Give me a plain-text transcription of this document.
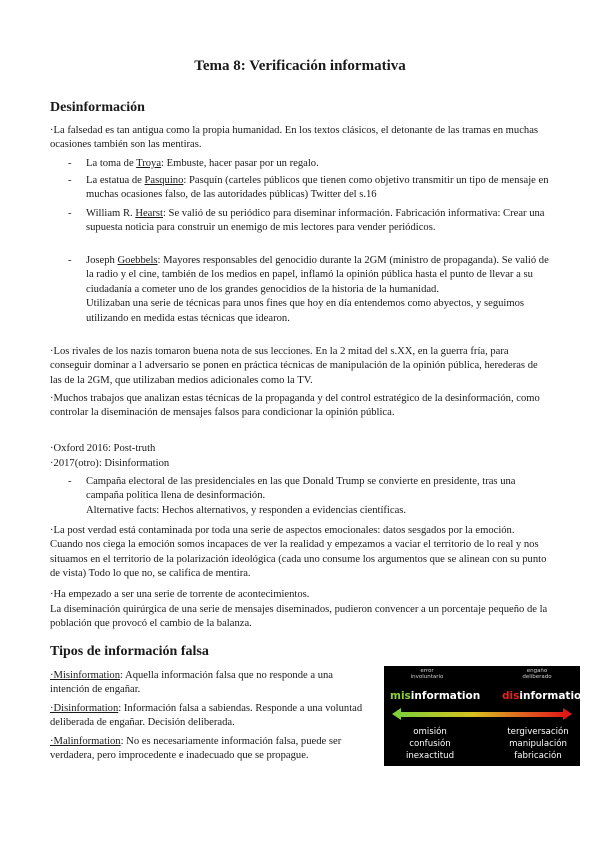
Tema 8: Verificación informativa
Desinformación
·La falsedad es tan antigua como la propia humanidad. En los textos clásicos, el detonante de las tramas en muchas ocasiones también son las mentiras.
- La toma de Troya: Embuste, hacer pasar por un regalo.
- La estatua de Pasquino: Pasquín (carteles públicos que tienen como objetivo transmitir un tipo de mensaje en muchas ocasiones falso, de las autoridades públicas) Twitter del s.16
- William R. Hearst: Se valió de su periódico para diseminar información. Fabricación informativa: Crear una supuesta noticia para construir un enemigo de mis lectores para vender periódicos.
- Joseph Goebbels: Mayores responsables del genocidio durante la 2GM (ministro de propaganda). Se valió de la radio y el cine, también de los medios en papel, inflamó la opinión pública hasta el punto de llevar a su ciudadanía a cometer uno de los grandes genocidios de la historia de la humanidad.
Utilizaban una serie de técnicas para unos fines que hoy en día entendemos como abyectos, y seguimos utilizando en medida estas técnicas que idearon.
·Los rivales de los nazis tomaron buena nota de sus lecciones. En la 2 mitad del s.XX, en la guerra fría, para conseguir dominar a l adversario se ponen en práctica técnicas de manipulación de la opinión pública, herederas de las de la 2GM, que utilizaban medios adicionales como la TV.
·Muchos trabajos que analizan estas técnicas de la propaganda y del control estratégico de la desinformación, como controlar la diseminación de mensajes falsos para condicionar la opinión pública.
·Oxford 2016: Post-truth
·2017(otro): Disinformation
- Campaña electoral de las presidenciales en las que Donald Trump se convierte en presidente, tras una campaña política llena de desinformación.
Alternative facts: Hechos alternativos, y responden a evidencias científicas.
·La post verdad está contaminada por toda una serie de aspectos emocionales: datos sesgados por la emoción. Cuando nos ciega la emoción somos incapaces de ver la realidad y empezamos a vaciar el territorio de lo real y nos situamos en el territorio de la polarización ideológica (cada uno consume los argumentos que se alinean con su punto de vista) Todo lo que no, se califica de mentira.
·Ha empezado a ser una serie de torrente de acontecimientos.
La diseminación quirúrgica de una serie de mensajes diseminados, pudieron convencer a un porcentaje pequeño de la población que provocó el cambio de la balanza.
Tipos de información falsa
·Misinformation: Aquella información falsa que no responde a una intención de engañar.
·Disinformation: Información falsa a sabiendas. Responde a una voluntad deliberada de engañar. Decisión deliberada.
·Malinformation: No es necesariamente información falsa, puede ser verdadera, pero improcedente e inadecuado que se propague.
error
involuntario
engaño
deliberado
misinformation disinformation
omisión
confusión
inexactitud
tergiversación
manipulación
fabricación
